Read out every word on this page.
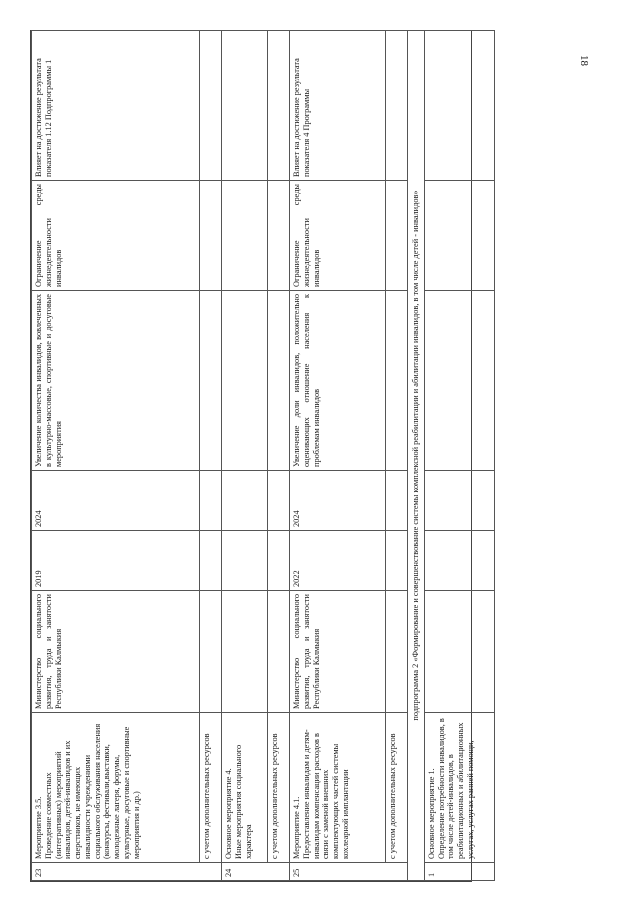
18
23	Мероприятие 3.5.
Проведение совместных (интегративных) мероприятий инвалидов, детей-инвалидов и их сверстников, не имеющих инвалидности учреждениями социального обслуживания населения (конкурсы, фестивали,выставки, молодежные лагеря, форумы, культурные, досуговые и спортивные мероприятия и др.)	Министерство социального развития, труда и занятости Республики Калмыкия	2019	2024	Увеличение количества инвалидов, вовлеченных в культурно-массовые, спортивные и досуговые мероприятия	Ограничение среды жизнедеятельности инвалидов	Влияет на достижение результата показателя 1.12 Подпрограммы 1
	с учетом дополнительных ресурсов						
24	Основное мероприятие 4.
Иные мероприятия социального характера						
	с учетом дополнительных ресурсов						
25	Мероприятие 4.1.
Предоставление инвалидам и детям-инвалидам компенсации расходов в связи с заменой внешних комплектующих частей системы кохлеарной имплантации	Министерство социального развития, труда и занятости Республики Калмыкия	2022	2024	Увеличение доли инвалидов, положительно оценивающих отношение населения к проблемам инвалидов	Ограничение среды жизнедеятельности инвалидов	Влияет на достижение результата показателя 4 Программы
	с учетом дополнительных ресурсов						
подпрограмма 2 «Формирование и совершенствование системы комплексной реабилитации и абилитации инвалидов, в том числе детей - инвалидов»							
1	Основное мероприятие 1.
Определение потребности инвалидов, в том числе детей-инвалидов, в реабилитационных и абилитационных услугах, услугах ранней помощи,						
